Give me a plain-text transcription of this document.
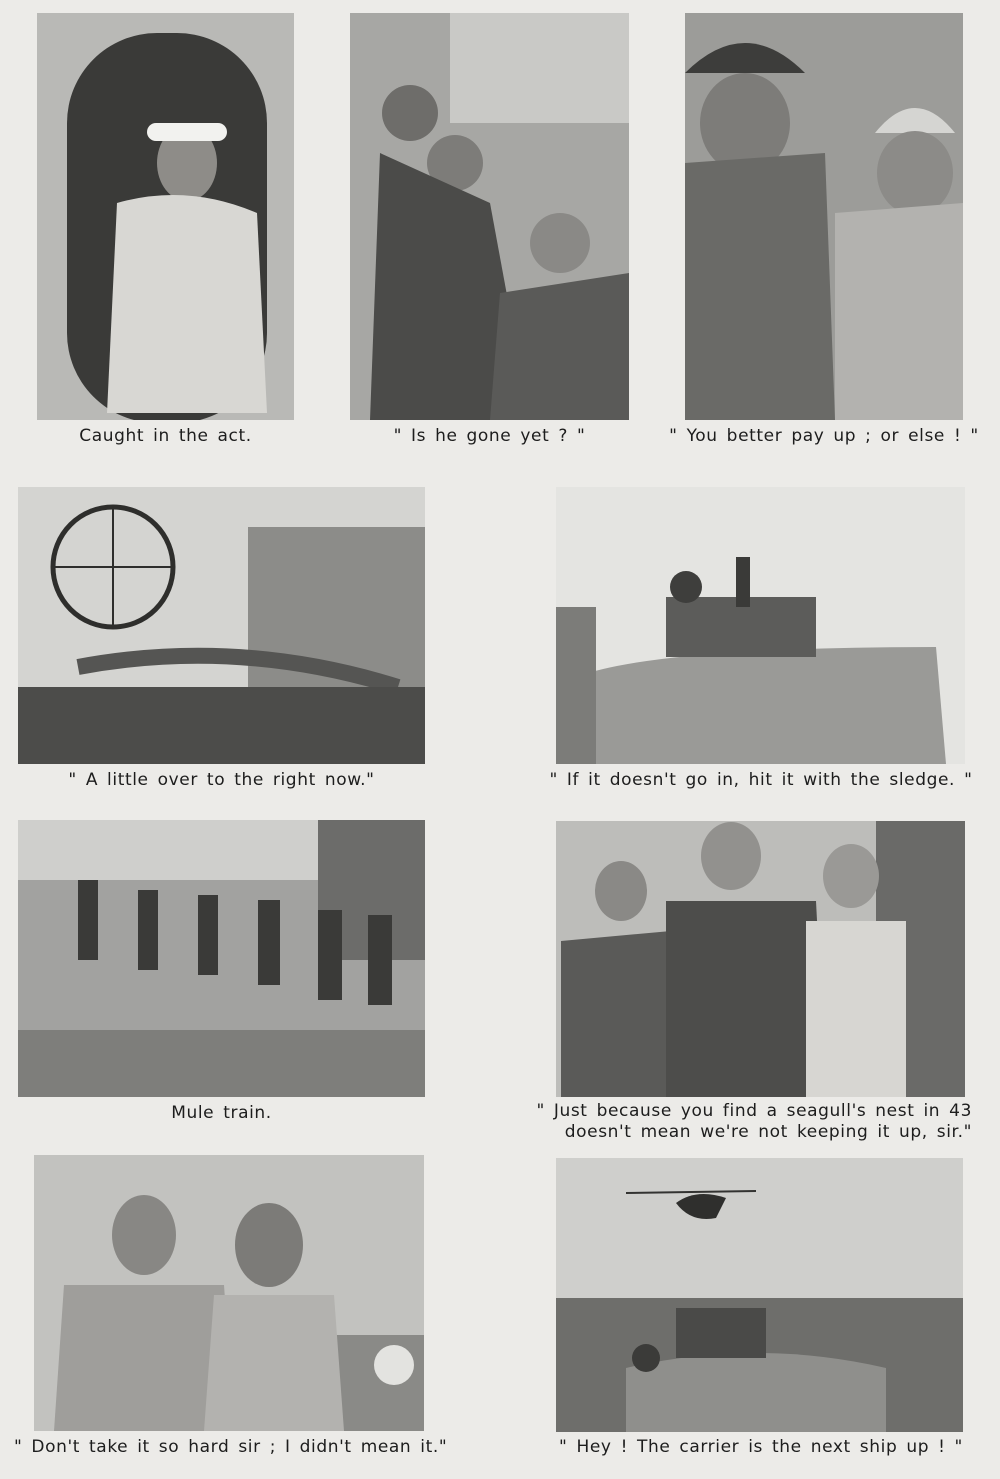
Caught in the act.	" Is he gone yet ? "	" You better pay up ; or else ! "
" A little over to the right now."	" If it doesn't go in, hit it with the sledge. "
Mule train.	" Just because you find a seagull's nest in 43
doesn't mean we're not keeping it up, sir."
" Don't take it so hard sir ; I didn't mean it."	" Hey ! The carrier is the next ship up ! "
